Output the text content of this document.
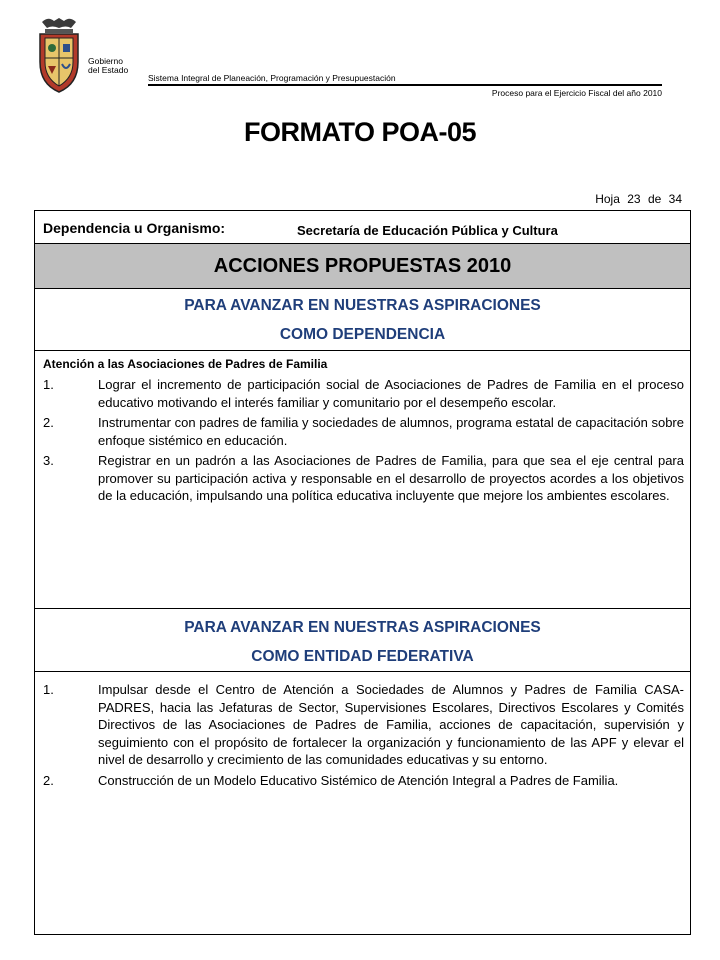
Gobierno
del Estado
Sistema Integral de Planeación, Programación y Presupuestación
Proceso para el Ejercicio Fiscal del año 2010
FORMATO POA-05
Hoja 23 de 34
Dependencia u Organismo:	Secretaría de Educación Pública y Cultura
ACCIONES PROPUESTAS 2010
PARA AVANZAR EN NUESTRAS ASPIRACIONES
COMO DEPENDENCIA
Atención a las Asociaciones de Padres de Familia
1.	Lograr el incremento de participación social de Asociaciones de Padres de Familia en el proceso educativo motivando el interés familiar y comunitario por el desempeño escolar.
2.	Instrumentar con padres de familia y sociedades de alumnos, programa estatal de capacitación sobre enfoque sistémico en educación.
3.	Registrar en un padrón a las Asociaciones de Padres de Familia, para que sea el eje central para promover su participación activa y responsable en el desarrollo de proyectos acordes a los objetivos de la educación, impulsando una política educativa incluyente que mejore los ambientes escolares.
PARA AVANZAR EN NUESTRAS ASPIRACIONES
COMO ENTIDAD FEDERATIVA
1.	Impulsar desde el Centro de Atención a Sociedades de Alumnos y Padres de Familia CASA-PADRES, hacia las Jefaturas de Sector, Supervisiones Escolares, Directivos Escolares y Comités Directivos de las Asociaciones de Padres de Familia, acciones de capacitación, supervisión y seguimiento con el propósito de fortalecer la organización y funcionamiento de las APF y elevar el nivel de desarrollo y crecimiento de las comunidades educativas y su entorno.
2.	Construcción de un Modelo Educativo Sistémico de Atención Integral a Padres de Familia.
